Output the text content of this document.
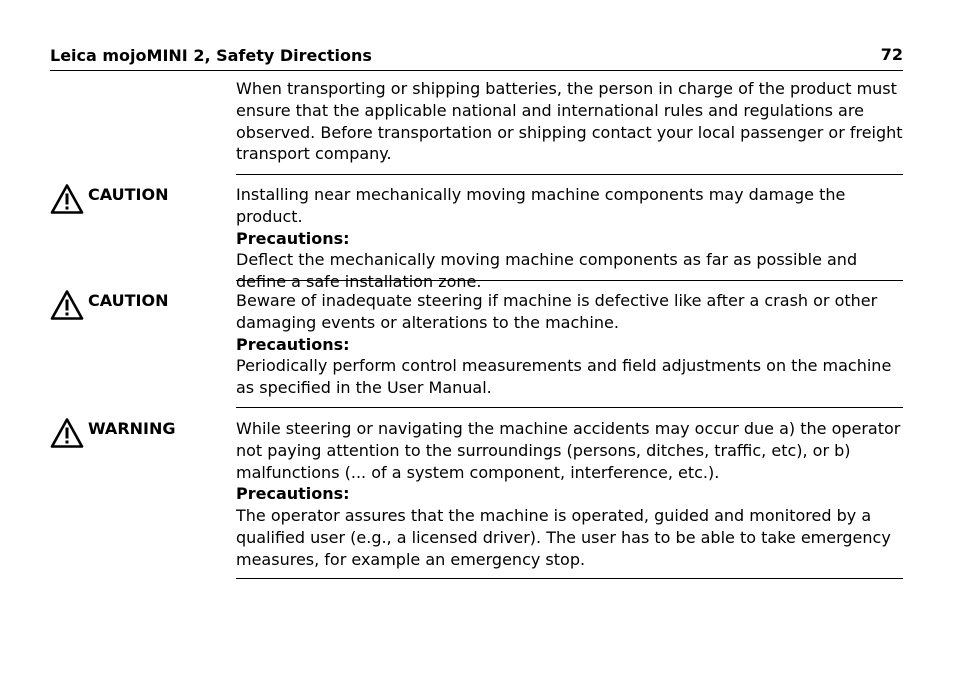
Leica mojoMINI 2, Safety Directions	72
When transporting or shipping batteries, the person in charge of the product must ensure that the applicable national and international rules and regulations are observed. Before transportation or shipping contact your local passenger or freight transport company.
CAUTION	Installing near mechanically moving machine components may damage the product.

Precautions:

Deflect the mechanically moving machine components as far as possible and define a safe installation zone.

CAUTION	Beware of inadequate steering if machine is defective like after a crash or other damaging events or alterations to the machine.

Precautions:

Periodically perform control measurements and field adjustments on the machine as specified in the User Manual.

WARNING	While steering or navigating the machine accidents may occur due a) the operator not paying attention to the surroundings (persons, ditches, traffic, etc), or b) malfunctions (... of a system component, interference, etc.).

Precautions:

The operator assures that the machine is operated, guided and monitored by a qualified user (e.g., a licensed driver). The user has to be able to take emergency measures, for example an emergency stop.
